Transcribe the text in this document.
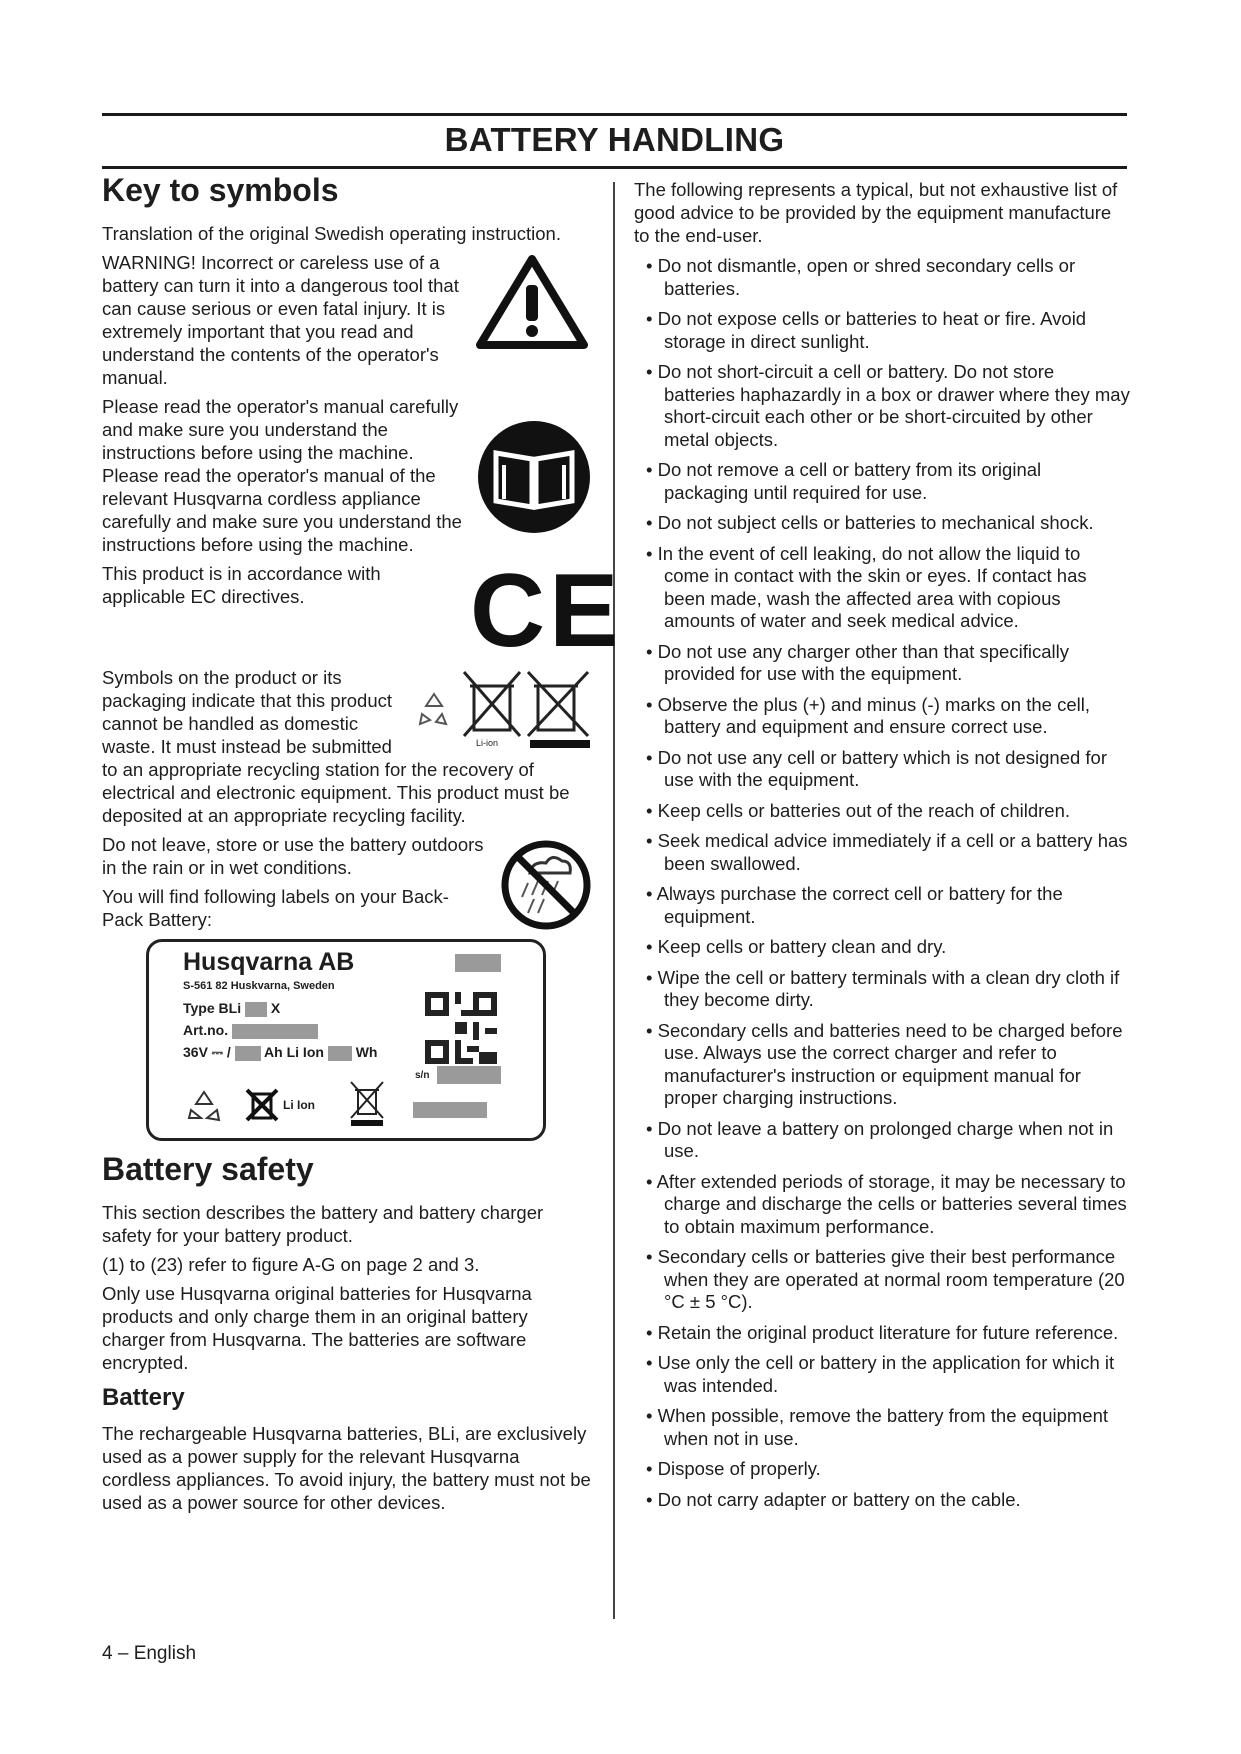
BATTERY HANDLING
Key to symbols

Translation of the original Swedish operating instruction.

WARNING! Incorrect or careless use of a battery can turn it into a dangerous tool that can cause serious or even fatal injury. It is extremely important that you read and understand the contents of the operator's manual.

Please read the operator's manual carefully and make sure you understand the instructions before using the machine. Please read the operator's manual of the relevant Husqvarna cordless appliance carefully and make sure you understand the instructions before using the machine.

CE

This product is in accordance with applicable EC directives.

Li-ion

Symbols on the product or its packaging indicate that this product cannot be handled as domestic waste. It must instead be submitted to an appropriate recycling station for the recovery of electrical and electronic equipment. This product must be deposited at an appropriate recycling facility.

Do not leave, store or use the battery outdoors in the rain or in wet conditions.

You will find following labels on your Back-Pack Battery:

Husqvarna AB
S-561 82 Huskvarna, Sweden
Type BLi X
Art.no.
36V ⎓ /  Ah Li Ion Wh
s/n
Li Ion
Battery safety

This section describes the battery and battery charger safety for your battery product.

(1) to (23) refer to figure A-G on page 2 and 3.

Only use Husqvarna original batteries for Husqvarna products and only charge them in an original battery charger from Husqvarna. The batteries are software encrypted.

Battery

The rechargeable Husqvarna batteries, BLi, are exclusively used as a power supply for the relevant Husqvarna cordless appliances. To avoid injury, the battery must not be used as a power source for other devices.

The following represents a typical, but not exhaustive list of good advice to be provided by the equipment manufacture to the end-user.

• Do not dismantle, open or shred secondary cells or batteries.
• Do not expose cells or batteries to heat or fire. Avoid storage in direct sunlight.
• Do not short-circuit a cell or battery. Do not store batteries haphazardly in a box or drawer where they may short-circuit each other or be short-circuited by other metal objects.
• Do not remove a cell or battery from its original packaging until required for use.
• Do not subject cells or batteries to mechanical shock.
• In the event of cell leaking, do not allow the liquid to come in contact with the skin or eyes. If contact has been made, wash the affected area with copious amounts of water and seek medical advice.
• Do not use any charger other than that specifically provided for use with the equipment.
• Observe the plus (+) and minus (-) marks on the cell, battery and equipment and ensure correct use.
• Do not use any cell or battery which is not designed for use with the equipment.
• Keep cells or batteries out of the reach of children.
• Seek medical advice immediately if a cell or a battery has been swallowed.
• Always purchase the correct cell or battery for the equipment.
• Keep cells or battery clean and dry.
• Wipe the cell or battery terminals with a clean dry cloth if they become dirty.
• Secondary cells and batteries need to be charged before use. Always use the correct charger and refer to manufacturer's instruction or equipment manual for proper charging instructions.
• Do not leave a battery on prolonged charge when not in use.
• After extended periods of storage, it may be necessary to charge and discharge the cells or batteries several times to obtain maximum performance.
• Secondary cells or batteries give their best performance when they are operated at normal room temperature (20 °C ± 5 °C).
• Retain the original product literature for future reference.
• Use only the cell or battery in the application for which it was intended.
• When possible, remove the battery from the equipment when not in use.
• Dispose of properly.
• Do not carry adapter or battery on the cable.
4 – English
